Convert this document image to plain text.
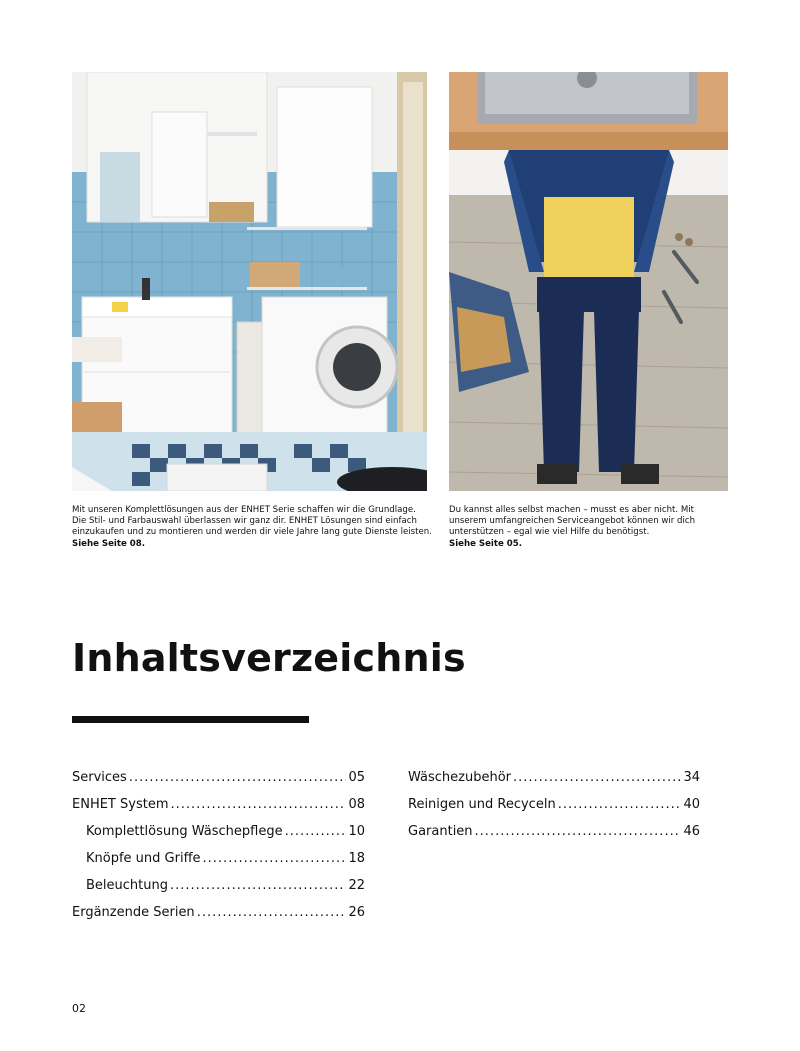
Mit unseren Komplettlösungen aus der ENHET Serie schaffen wir die Grundlage. Die Stil- und Farbauswahl überlassen wir ganz dir. ENHET Lösungen sind einfach einzukaufen und zu montieren und werden dir viele Jahre lang gute Dienste leisten.
Siehe Seite 08.
Du kannst alles selbst machen – musst es aber nicht. Mit unserem umfangreichen Serviceangebot können wir dich unterstützen – egal wie viel Hilfe du benötigst.
Siehe Seite 05.
Inhaltsverzeichnis
Services .....	05
ENHET System .....	08
Komplettlösung Wäschepflege .....	10
Knöpfe und Griffe .....	18
Beleuchtung .....	22
Ergänzende Serien .....	26
Wäschezubehör .....	34
Reinigen und Recyceln .....	40
Garantien .....	46
02
